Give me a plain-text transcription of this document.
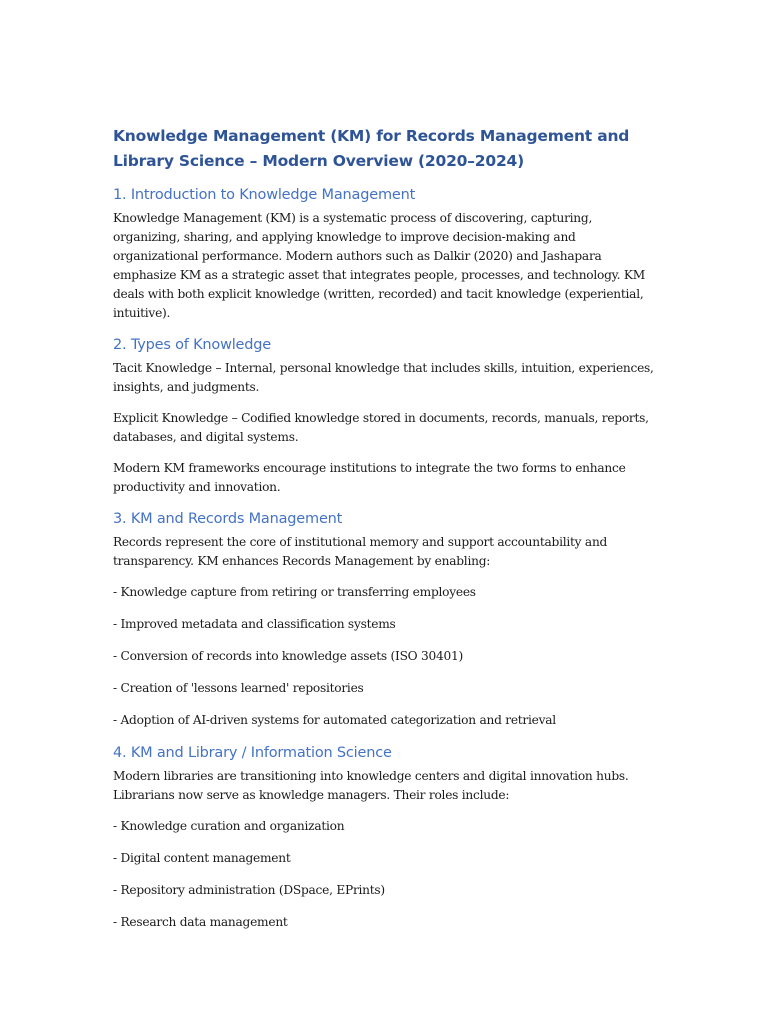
Knowledge Management (KM) for Records Management and Library Science – Modern Overview (2020–2024)
1. Introduction to Knowledge Management

Knowledge Management (KM) is a systematic process of discovering, capturing, organizing, sharing, and applying knowledge to improve decision-making and organizational performance. Modern authors such as Dalkir (2020) and Jashapara emphasize KM as a strategic asset that integrates people, processes, and technology. KM deals with both explicit knowledge (written, recorded) and tacit knowledge (experiential, intuitive).

2. Types of Knowledge

Tacit Knowledge – Internal, personal knowledge that includes skills, intuition, experiences, insights, and judgments.

Explicit Knowledge – Codified knowledge stored in documents, records, manuals, reports, databases, and digital systems.

Modern KM frameworks encourage institutions to integrate the two forms to enhance productivity and innovation.

3. KM and Records Management

Records represent the core of institutional memory and support accountability and transparency. KM enhances Records Management by enabling:

- Knowledge capture from retiring or transferring employees

- Improved metadata and classification systems

- Conversion of records into knowledge assets (ISO 30401)

- Creation of 'lessons learned' repositories

- Adoption of AI-driven systems for automated categorization and retrieval

4. KM and Library / Information Science

Modern libraries are transitioning into knowledge centers and digital innovation hubs. Librarians now serve as knowledge managers. Their roles include:

- Knowledge curation and organization

- Digital content management

- Repository administration (DSpace, EPrints)

- Research data management
